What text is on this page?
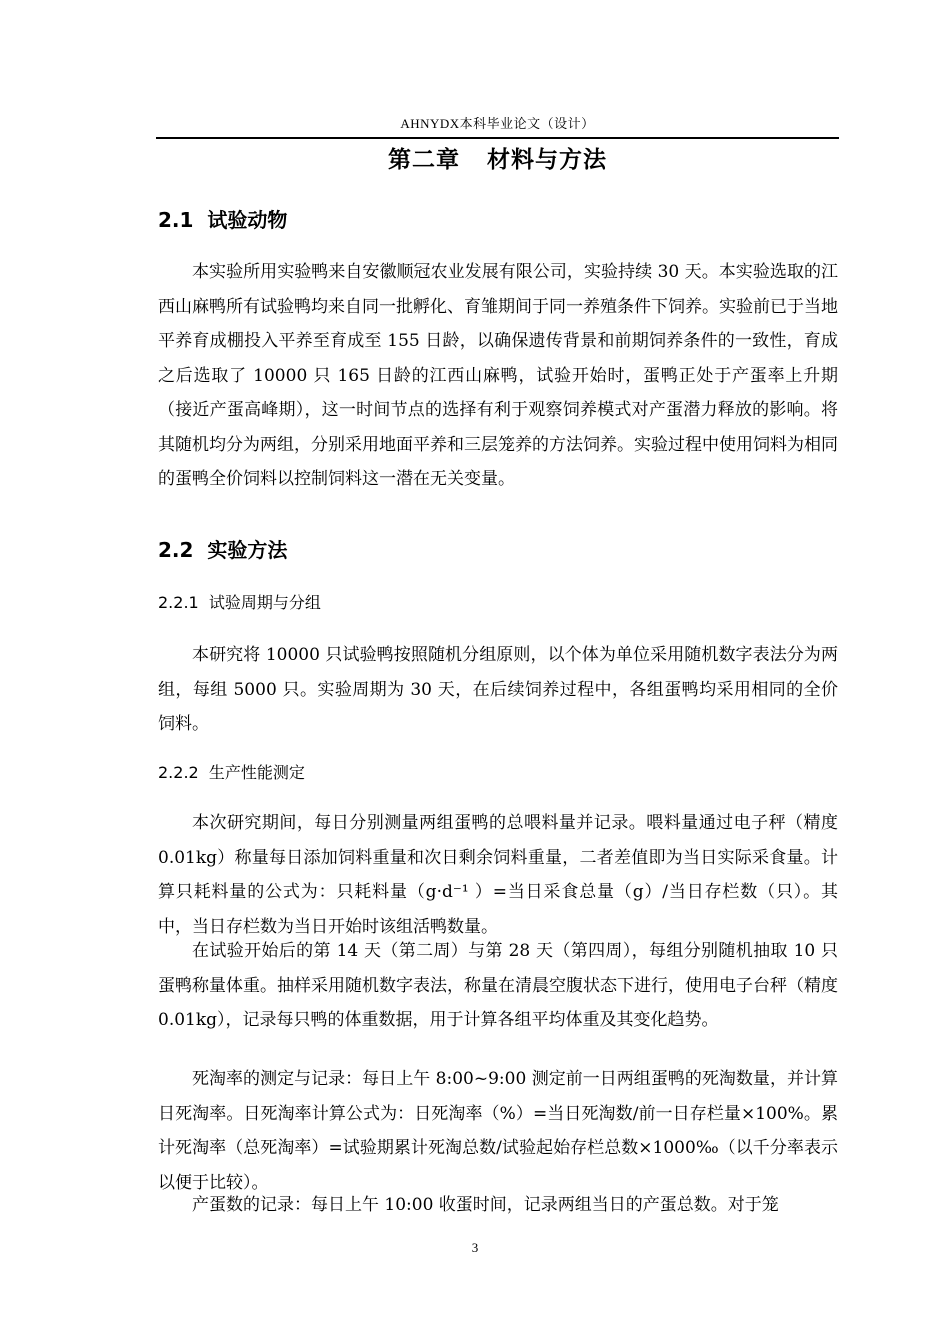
AHNYDX本科毕业论文（设计）
第二章   材料与方法
2.1  试验动物
本实验所用实验鸭来自安徽顺冠农业发展有限公司，实验持续 30 天。本实验选取的江西山麻鸭所有试验鸭均来自同一批孵化、育雏期间于同一养殖条件下饲养。实验前已于当地平养育成棚投入平养至育成至 155 日龄，以确保遗传背景和前期饲养条件的一致性，育成之后选取了 10000 只 165 日龄的江西山麻鸭，试验开始时，蛋鸭正处于产蛋率上升期（接近产蛋高峰期），这一时间节点的选择有利于观察饲养模式对产蛋潜力释放的影响。将其随机均分为两组，分别采用地面平养和三层笼养的方法饲养。实验过程中使用饲料为相同的蛋鸭全价饲料以控制饲料这一潜在无关变量。
2.2  实验方法
2.2.1  试验周期与分组
本研究将 10000 只试验鸭按照随机分组原则，以个体为单位采用随机数字表法分为两组，每组 5000 只。实验周期为 30 天，在后续饲养过程中，各组蛋鸭均采用相同的全价饲料。
2.2.2  生产性能测定
本次研究期间，每日分别测量两组蛋鸭的总喂料量并记录。喂料量通过电子秤（精度 0.01kg）称量每日添加饲料重量和次日剩余饲料重量，二者差值即为当日实际采食量。计算只耗料量的公式为：只耗料量（g·d⁻¹ ）=当日采食总量（g）/当日存栏数（只）。其中，当日存栏数为当日开始时该组活鸭数量。
在试验开始后的第 14 天（第二周）与第 28 天（第四周），每组分别随机抽取 10 只蛋鸭称量体重。抽样采用随机数字表法，称量在清晨空腹状态下进行，使用电子台秤（精度 0.01kg），记录每只鸭的体重数据，用于计算各组平均体重及其变化趋势。
死淘率的测定与记录：每日上午 8:00~9:00 测定前一日两组蛋鸭的死淘数量，并计算日死淘率。日死淘率计算公式为：日死淘率（%）=当日死淘数/前一日存栏量×100%。累计死淘率（总死淘率）=试验期累计死淘总数/试验起始存栏总数×1000‰（以千分率表示以便于比较）。
产蛋数的记录：每日上午 10:00 收蛋时间，记录两组当日的产蛋总数。对于笼
3
